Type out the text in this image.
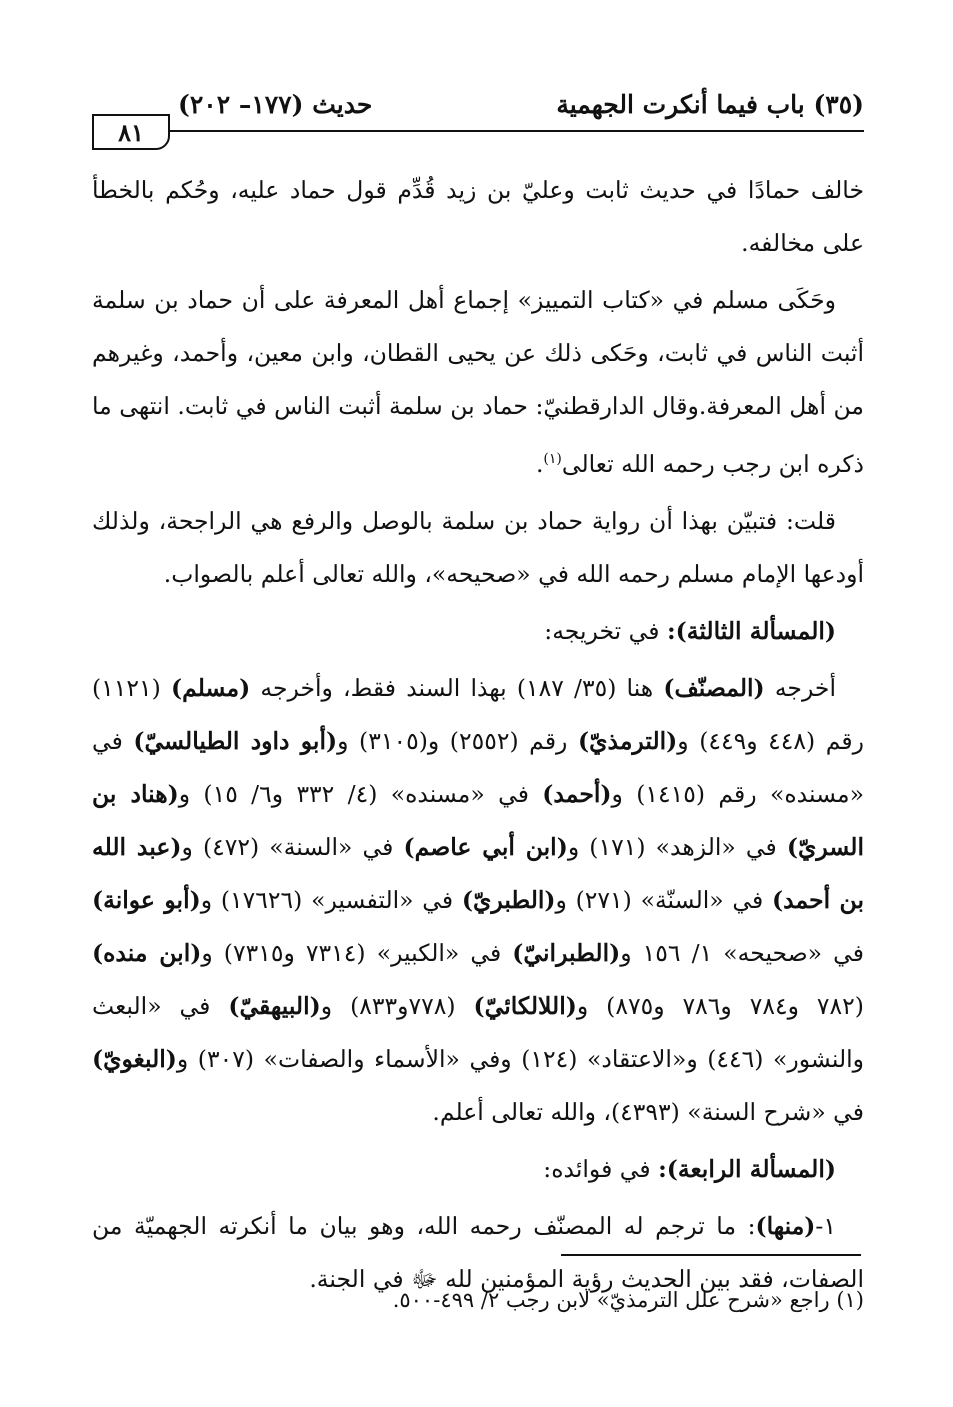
(٣٥) باب فيما أنكرت الجهمية
حديث (١٧٧– ٢٠٢)
٨١

خالف حمادًا في حديث ثابت وعليّ بن زيد قُدِّم قول حماد عليه، وحُكم بالخطأ على مخالفه.

وحَكَى مسلم في «كتاب التمييز» إجماع أهل المعرفة على أن حماد بن سلمة أثبت الناس في ثابت، وحَكى ذلك عن يحيى القطان، وابن معين، وأحمد، وغيرهم من أهل المعرفة.وقال الدارقطنيّ: حماد بن سلمة أثبت الناس في ثابت. انتهى ما ذكره ابن رجب رحمه الله تعالى$^{(١)}$.

قلت: فتبيّن بهذا أن رواية حماد بن سلمة بالوصل والرفع هي الراجحة، ولذلك أودعها الإمام مسلم رحمه الله في «صحيحه»، والله تعالى أعلم بالصواب.

(المسألة الثالثة): في تخريجه:

أخرجه (المصنّف) هنا (٣٥/ ١٨٧) بهذا السند فقط، وأخرجه (مسلم) (١١٢١) رقم (٤٤٨ و٤٤٩) و(الترمذيّ) رقم (٢٥٥٢) و(٣١٠٥) و(أبو داود الطيالسيّ) في «مسنده» رقم (١٤١٥) و(أحمد) في «مسنده» (٤/ ٣٣٢ و٦/ ١٥) و(هناد بن السريّ) في «الزهد» (١٧١) و(ابن أبي عاصم) في «السنة» (٤٧٢) و(عبد الله بن أحمد) في «السنّة» (٢٧١) و(الطبريّ) في «التفسير» (١٧٦٢٦) و(أبو عوانة) في «صحيحه» ١/ ١٥٦ و(الطبرانيّ) في «الكبير» (٧٣١٤ و٧٣١٥) و(ابن منده) (٧٨٢ و٧٨٤ و٧٨٦ و٨٧٥) و(اللالكائيّ) (٧٧٨و٨٣٣) و(البيهقيّ) في «البعث والنشور» (٤٤٦) و«الاعتقاد» (١٢٤) وفي «الأسماء والصفات» (٣٠٧) و(البغويّ) في «شرح السنة» (٤٣٩٣)، والله تعالى أعلم.

(المسألة الرابعة): في فوائده:

١-(منها): ما ترجم له المصنّف رحمه الله، وهو بيان ما أنكرته الجهميّة من الصفات، فقد بين الحديث رؤية المؤمنين لله ﷻ في الجنة.

(١) راجع «شرح علل الترمذيّ» لابن رجب ٢/ ٤٩٩-٥٠٠.
